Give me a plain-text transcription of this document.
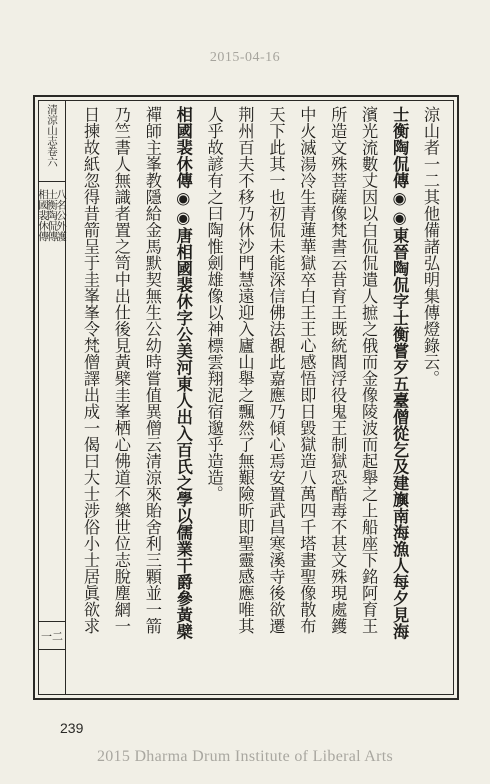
2015-04-16
清涼山志卷六
八名公外護
士衡陶侃傳
相國裴休傳
一二
涼山者一二其他備諸弘明集傳燈錄云。
士衡陶侃傳◉◉東晉陶侃字士衡嘗歹五臺僧從乞及建旟南海漁人每夕見海
濱光流數丈因以白侃侃遣人摭之俄而金像陵波而起舉之上船座下銘阿育王
所造文殊菩薩像梵書云昔育王既統閻浮役鬼王制獄恐酷毒不甚文殊現處鑊
中火滅湯冷生青蓮華獄卒白王王心感悟即日毀獄造八萬四千塔畫聖像散布
天下此其一也初侃未能深信佛法覩此嘉應乃傾心焉安置武昌寒溪寺後欲遷
荆州百夫不移乃休沙門慧遠迎入廬山舉之飄然了無艱險昕即聖靈感應唯其
人乎故諺有之曰陶惟劍雄像以神標雲翔泥宿邈乎造造。
相國裴休傳◉◉唐相國裴休字公美河東人出入百氏之學以儒業干爵參黃檗
禪師主峯教隱給金馬默契無生公幼時嘗值異僧云清涼來貽舍利三顆並一箭
乃竺書人無識者置之笥中出仕後見黃檗圭峯栖心佛道不樂世位志脫塵網一
日揀故紙忽得昔箭呈于圭峯峯令梵僧譯出成一偈曰大士涉俗小士居眞欲求
239
2015 Dharma Drum Institute of Liberal Arts
